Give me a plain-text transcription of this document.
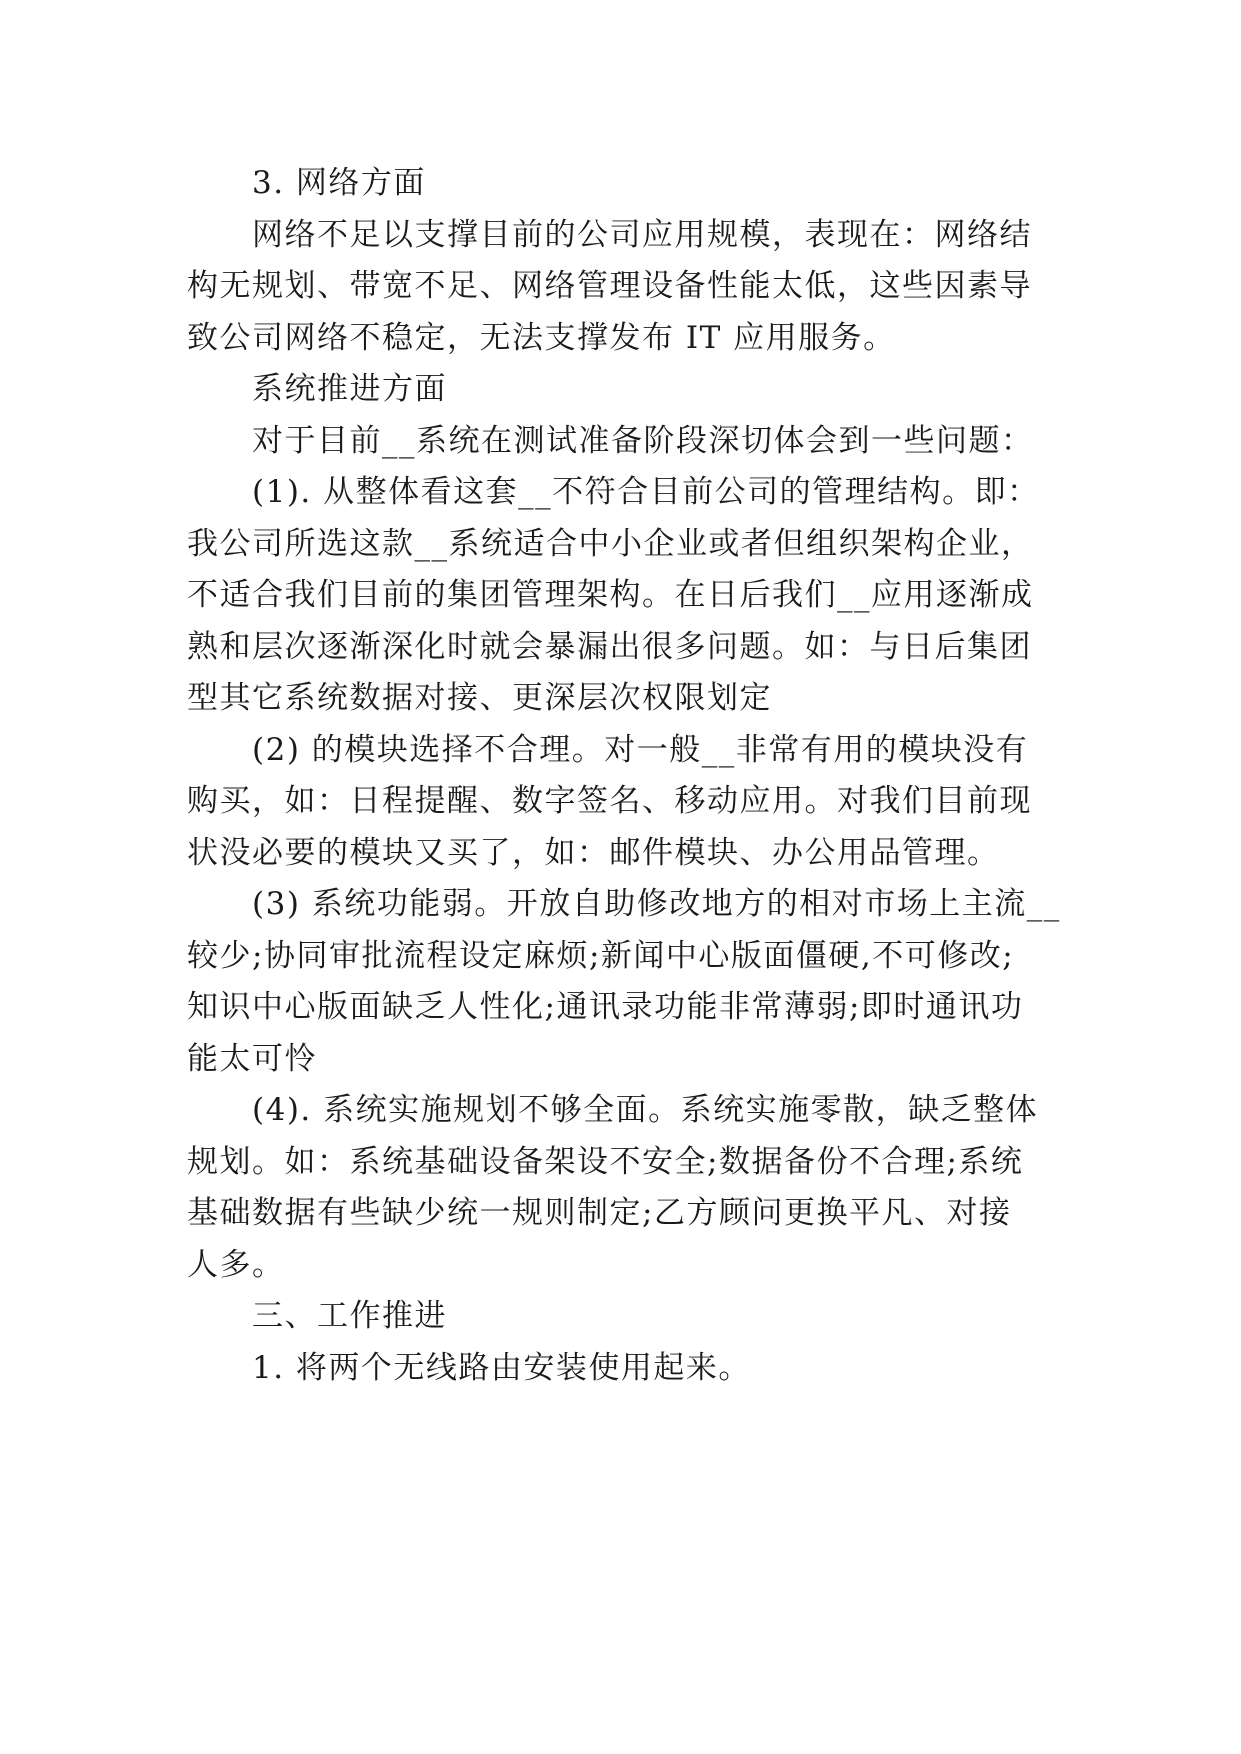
3. 网络方面
网络不足以支撑目前的公司应用规模，表现在：网络结
构无规划、带宽不足、网络管理设备性能太低，这些因素导
致公司网络不稳定，无法支撑发布 IT 应用服务。
系统推进方面
对于目前__系统在测试准备阶段深切体会到一些问题：
(1). 从整体看这套__不符合目前公司的管理结构。即：
我公司所选这款__系统适合中小企业或者但组织架构企业，
不适合我们目前的集团管理架构。在日后我们__应用逐渐成
熟和层次逐渐深化时就会暴漏出很多问题。如：与日后集团
型其它系统数据对接、更深层次权限划定
(2) 的模块选择不合理。对一般__非常有用的模块没有
购买，如：日程提醒、数字签名、移动应用。对我们目前现
状没必要的模块又买了，如：邮件模块、办公用品管理。
(3) 系统功能弱。开放自助修改地方的相对市场上主流__
较少;协同审批流程设定麻烦;新闻中心版面僵硬,不可修改;
知识中心版面缺乏人性化;通讯录功能非常薄弱;即时通讯功
能太可怜
(4). 系统实施规划不够全面。系统实施零散，缺乏整体
规划。如：系统基础设备架设不安全;数据备份不合理;系统
基础数据有些缺少统一规则制定;乙方顾问更换平凡、对接
人多。
三、工作推进
1. 将两个无线路由安装使用起来。
